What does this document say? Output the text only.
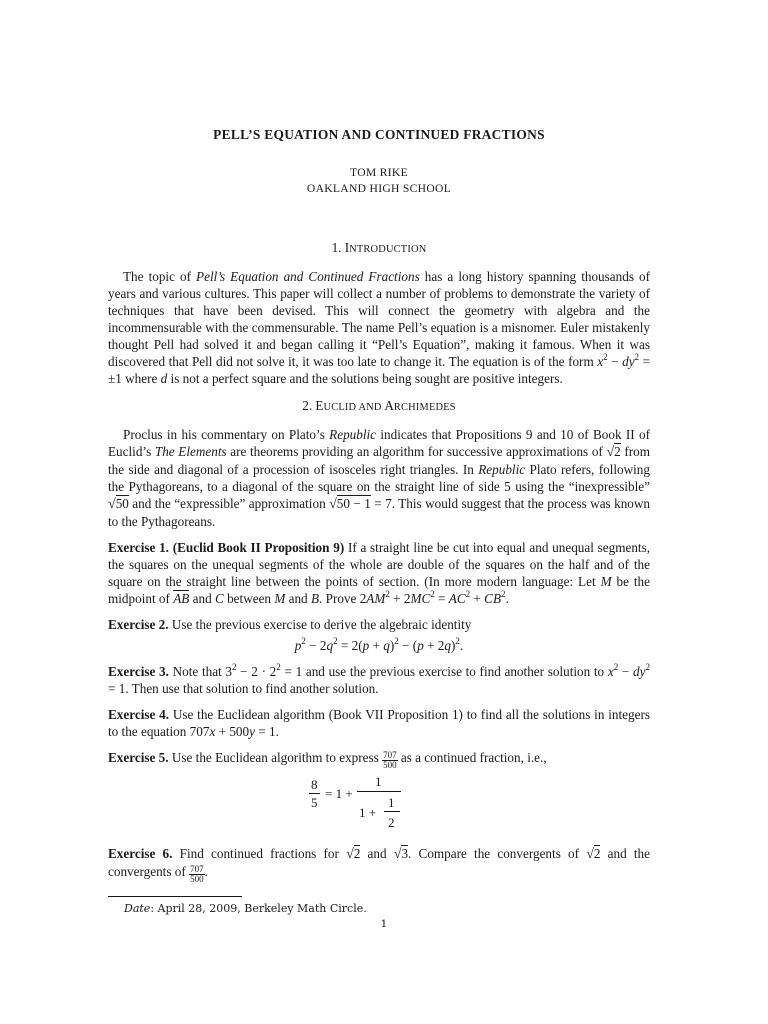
PELL’S EQUATION AND CONTINUED FRACTIONS
TOM RIKE
OAKLAND HIGH SCHOOL
1. INTRODUCTION

The topic of Pell’s Equation and Continued Fractions has a long history spanning thousands of years and various cultures. This paper will collect a number of problems to demonstrate the variety of techniques that have been devised. This will connect the geometry with algebra and the incommensurable with the commensurable. The name Pell’s equation is a misnomer. Euler mistakenly thought Pell had solved it and began calling it “Pell’s Equation”, making it famous. When it was discovered that Pell did not solve it, it was too late to change it. The equation is of the form $x^2 - dy^2 = \pm 1$ where d is not a perfect square and the solutions being sought are positive integers.

2. EUCLID AND ARCHIMEDES

Proclus in his commentary on Plato’s Republic indicates that Propositions 9 and 10 of Book II of Euclid’s The Elements are theorems providing an algorithm for successive approximations of √2 from the side and diagonal of a procession of isosceles right triangles. In Republic Plato refers, following the Pythagoreans, to a diagonal of the square on the straight line of side 5 using the “inexpressible” √50 and the “expressible” approximation √50 − 1 = 7. This would suggest that the process was known to the Pythagoreans.

Exercise 1. (Euclid Book II Proposition 9) If a straight line be cut into equal and unequal segments, the squares on the unequal segments of the whole are double of the squares on the half and of the square on the straight line between the points of section. (In more modern language: Let M be the midpoint of AB and C between M and B. Prove $2AM^2 + 2MC^2 = AC^2 + CB^2$.

Exercise 2. Use the previous exercise to derive the algebraic identity

$p^2 - 2q^2 = 2(p + q)^2 - (p + 2q)^2$.

Exercise 3. Note that $3^2 - 2 \cdot 2^2 = 1$ and use the previous exercise to find another solution to $x^2 - dy^2 = 1$. Then use that solution to find another solution.

Exercise 4. Use the Euclidean algorithm (Book VII Proposition 1) to find all the solutions in integers to the equation 707x + 500y = 1.

Exercise 5. Use the Euclidean algorithm to express $\frac{707}{500}$ as a continued fraction, i.e.,

8
5
= 1 +
1
1
1 +
2

Exercise 6. Find continued fractions for √2 and √3. Compare the convergents of √2 and the convergents of $\frac{707}{500}$ .

Date: April 28, 2009, Berkeley Math Circle.
1
